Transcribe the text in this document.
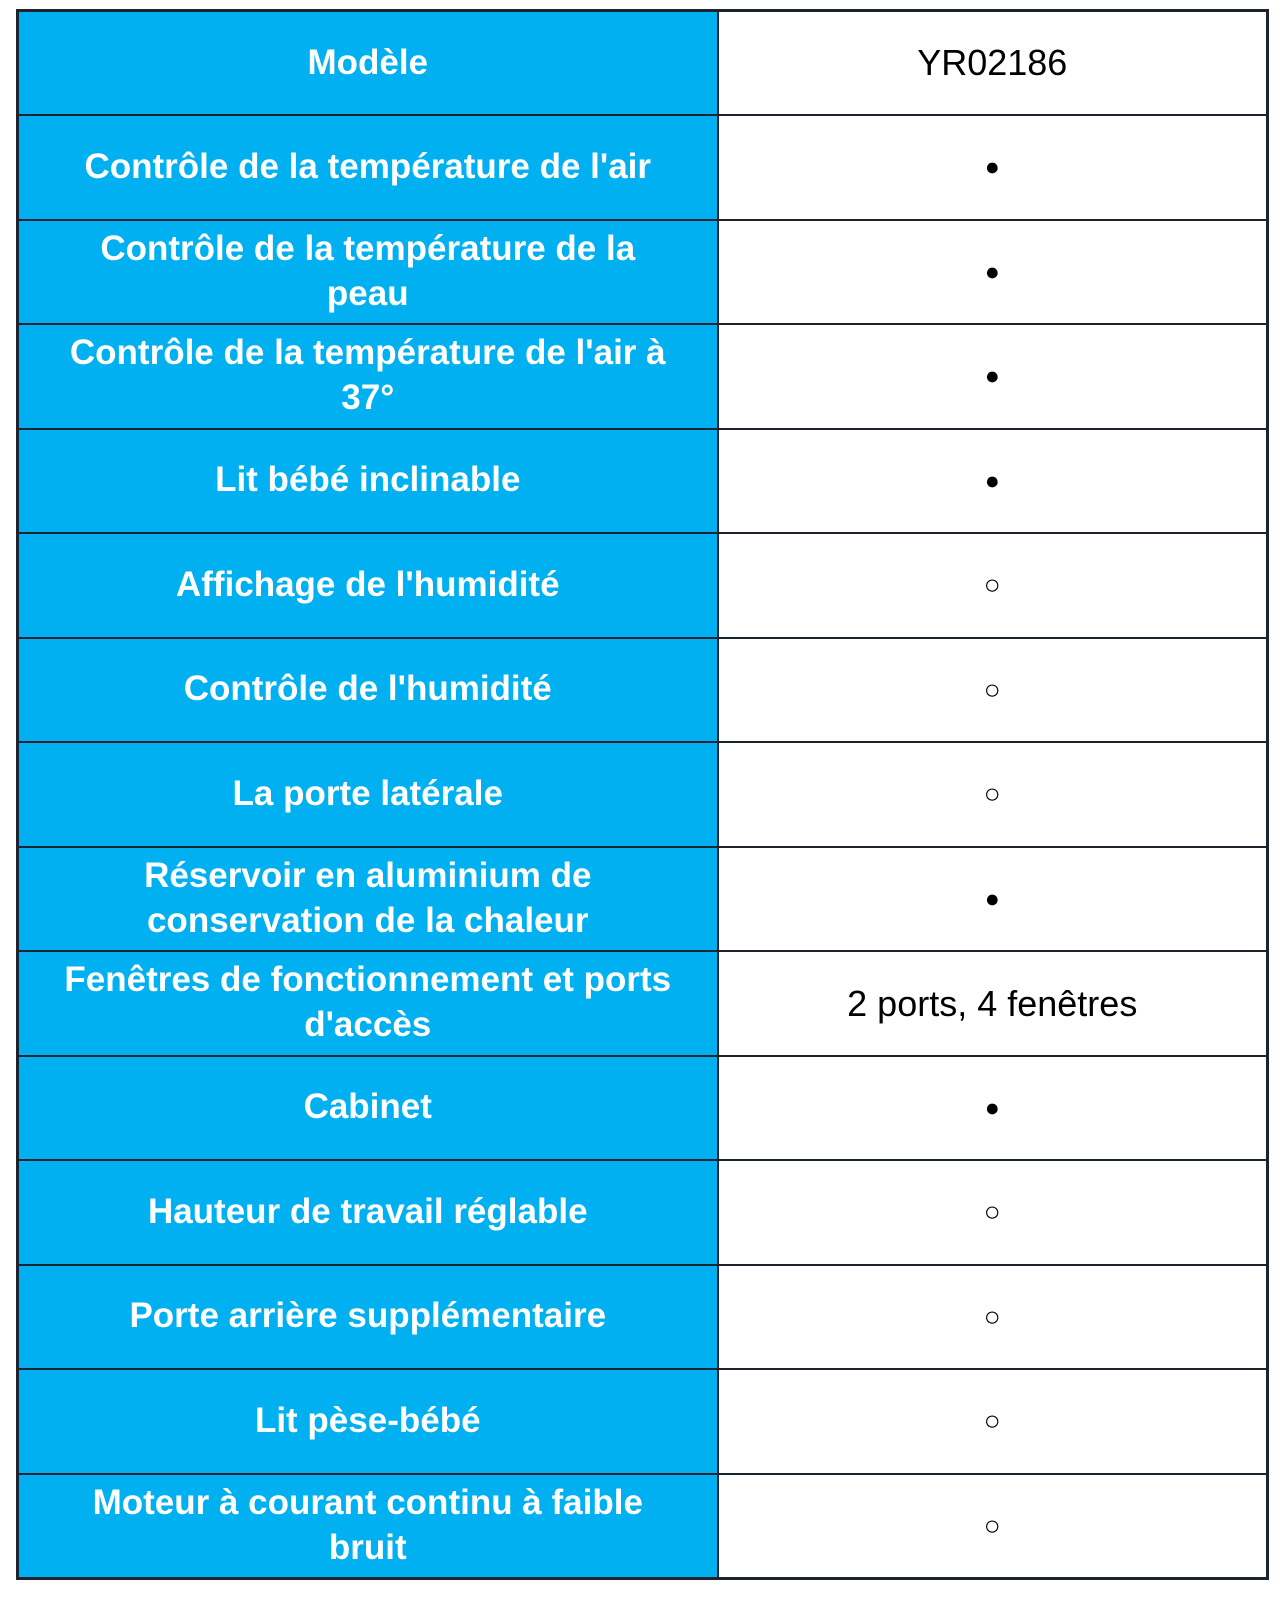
Modèle	YR02186
Contrôle de la température de l'air	●
Contrôle de la température de la peau	●
Contrôle de la température de l'air à 37°	●
Lit bébé inclinable	●
Affichage de l'humidité	○
Contrôle de l'humidité	○
La porte latérale	○
Réservoir en aluminium de conservation de la chaleur	●
Fenêtres de fonctionnement et ports d'accès	2 ports, 4 fenêtres
Cabinet	●
Hauteur de travail réglable	○
Porte arrière supplémentaire	○
Lit pèse-bébé	○
Moteur à courant continu à faible bruit	○
